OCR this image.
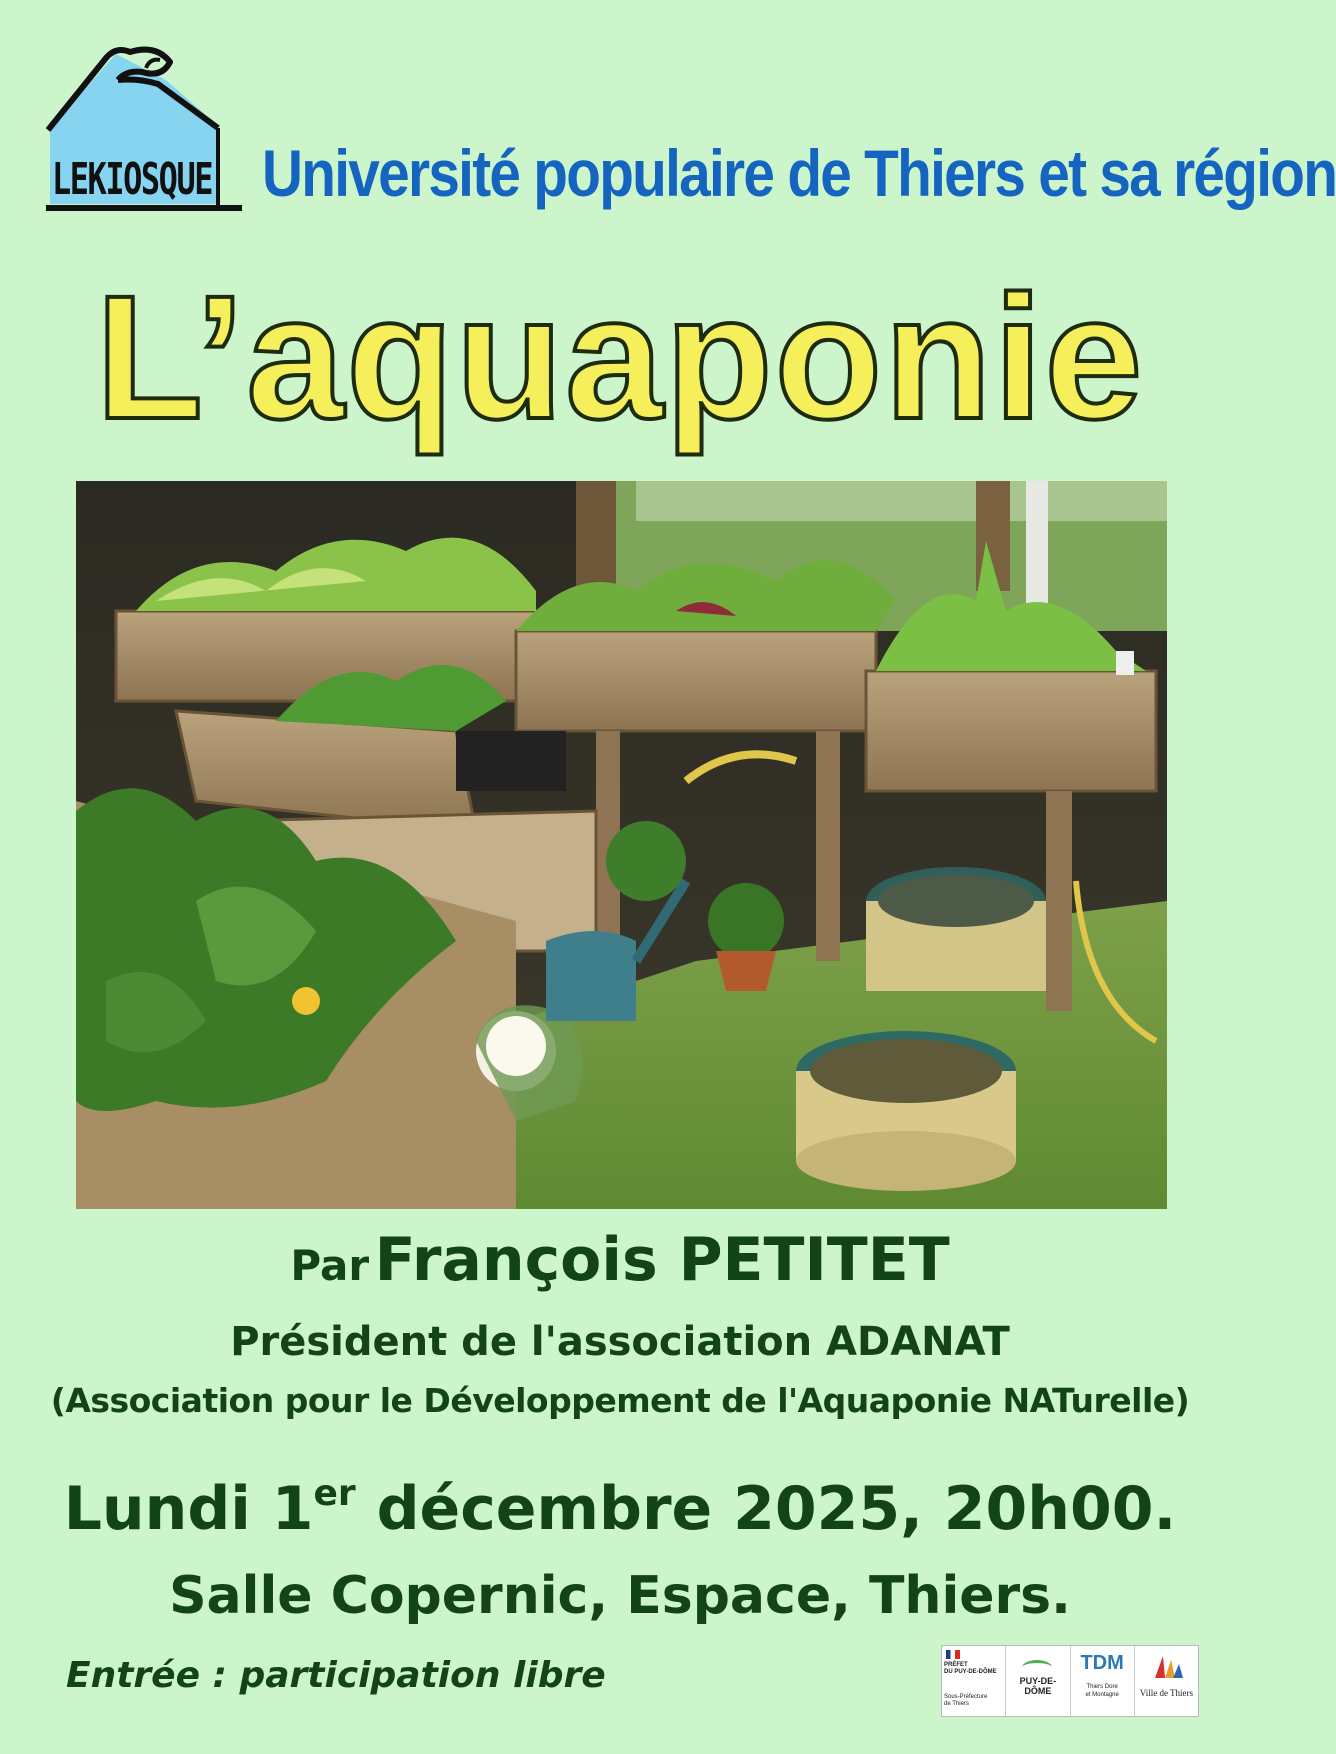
LEKIOSQUE Université populaire de Thiers et sa région
L’aquaponie
Par François PETITET
Président de l'association ADANAT
(Association pour le Développement de l'Aquaponie NATurelle)
Lundi 1er décembre 2025, 20h00.
Salle Copernic, Espace, Thiers.
Entrée : participation libre	PRÉFET
DU PUY-DE-DÔME
Sous-Préfecture
de Thiers
PUY-DE-DÔME
TDM
Thiers Dore
et Montagne	Ville de Thiers
